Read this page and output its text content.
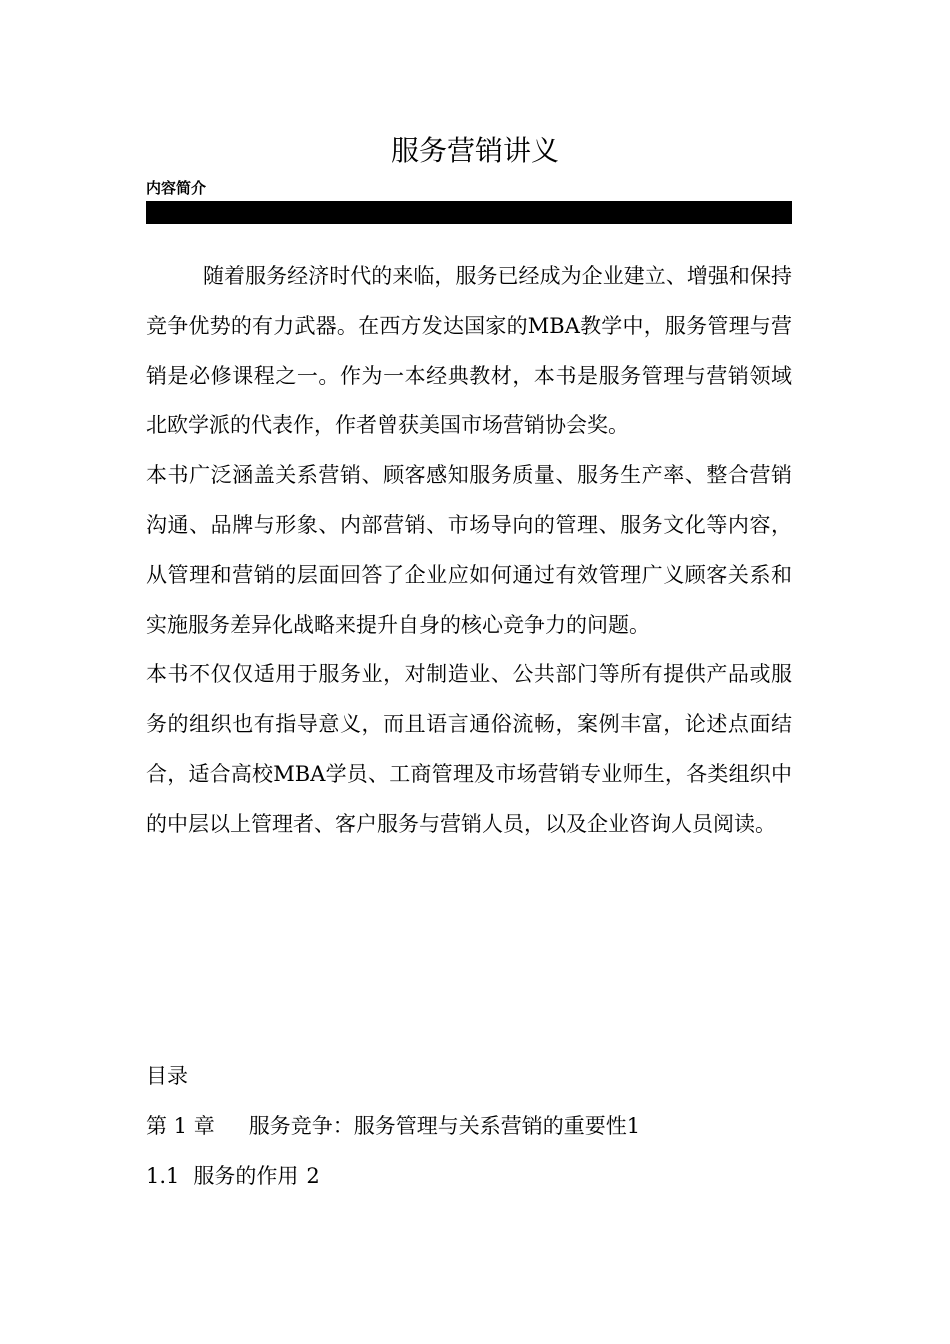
服务营销讲义
内容简介

随着服务经济时代的来临，服务已经成为企业建立、增强和保持竞争优势的有力武器。在西方发达国家的MBA教学中，服务管理与营销是必修课程之一。作为一本经典教材，本书是服务管理与营销领域北欧学派的代表作，作者曾获美国市场营销协会奖。

本书广泛涵盖关系营销、顾客感知服务质量、服务生产率、整合营销沟通、品牌与形象、内部营销、市场导向的管理、服务文化等内容，从管理和营销的层面回答了企业应如何通过有效管理广义顾客关系和实施服务差异化战略来提升自身的核心竞争力的问题。

本书不仅仅适用于服务业，对制造业、公共部门等所有提供产品或服务的组织也有指导意义，而且语言通俗流畅，案例丰富，论述点面结合，适合高校MBA学员、工商管理及市场营销专业师生，各类组织中的中层以上管理者、客户服务与营销人员，以及企业咨询人员阅读。

目录
第 1 章 服务竞争：服务管理与关系营销的重要性1
1.1 服务的作用 2
